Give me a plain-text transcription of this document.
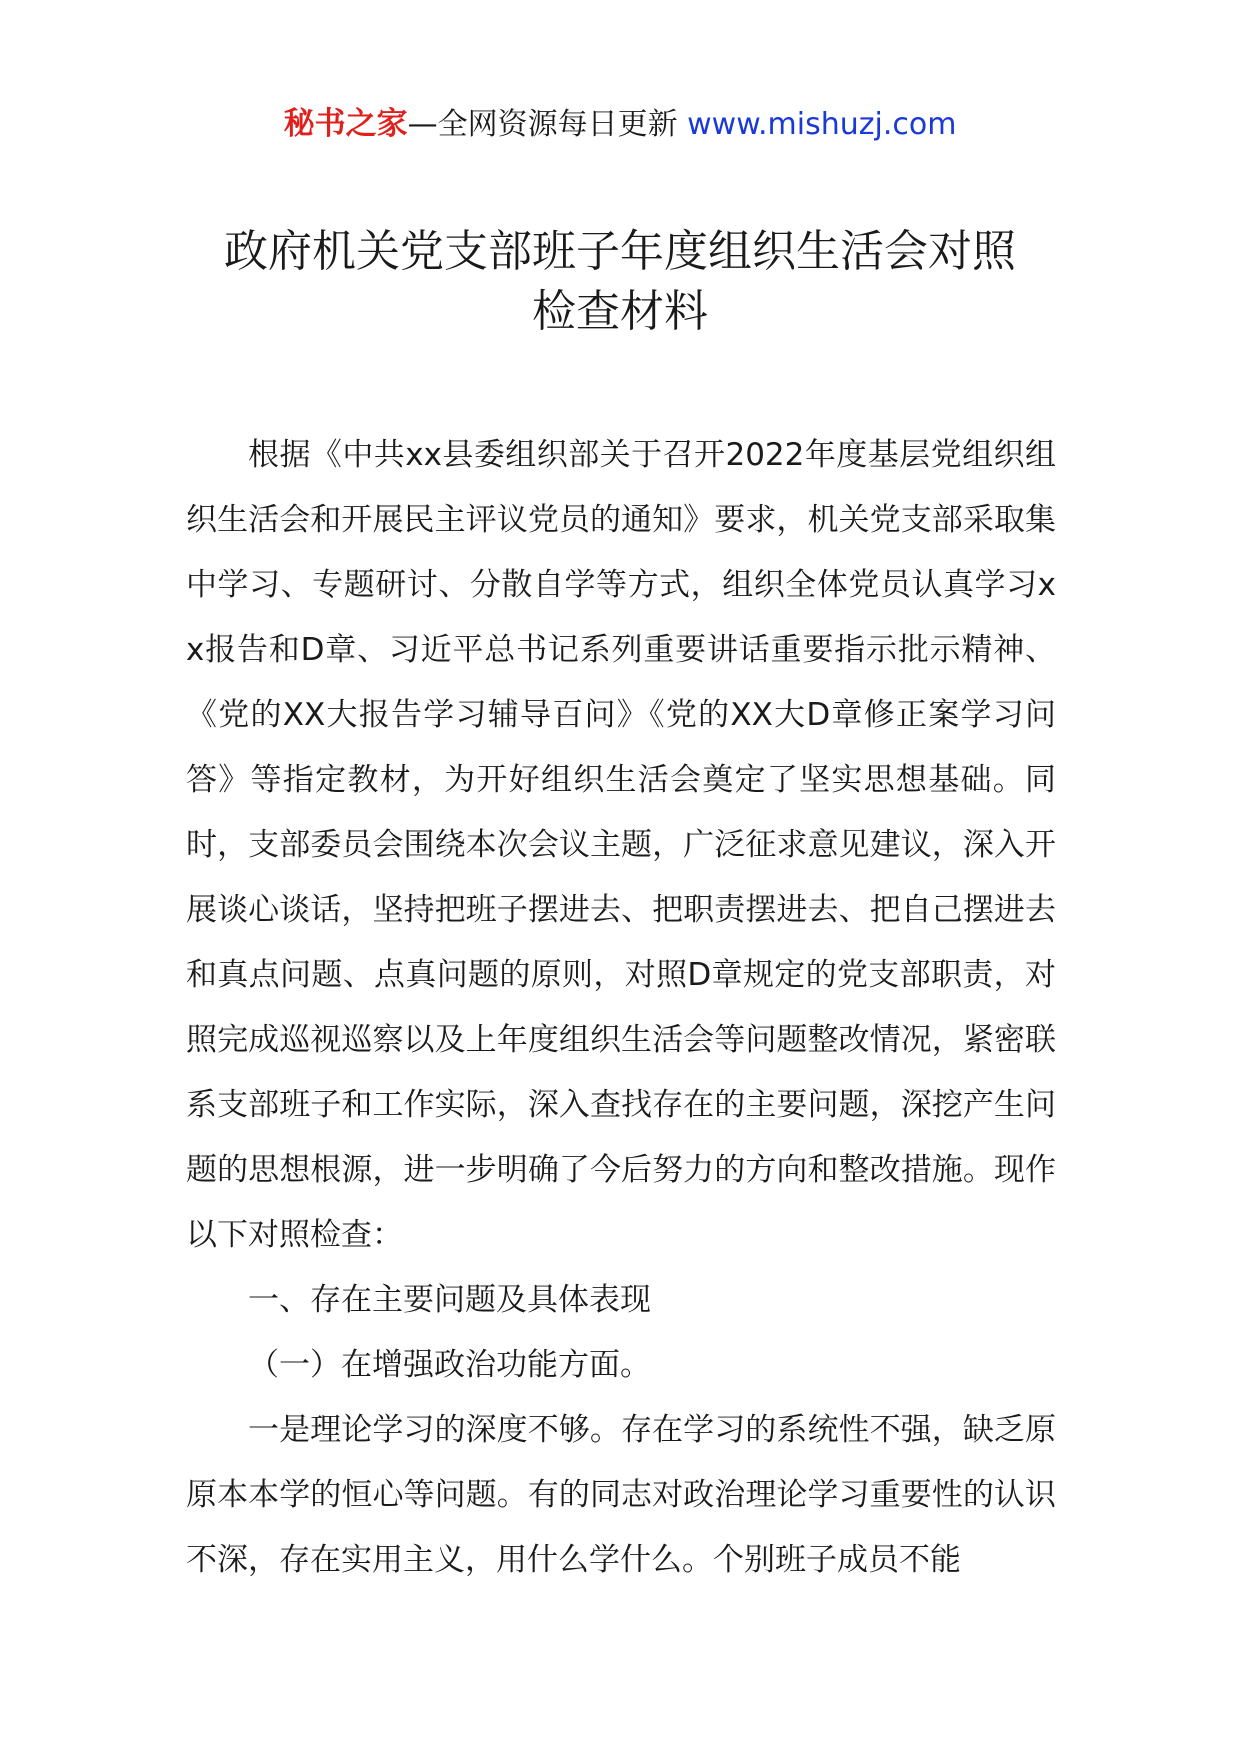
秘书之家—全网资源每日更新 www.mishuzj.com
政府机关党支部班子年度组织生活会对照
检查材料

根据《中共xx县委组织部关于召开2022年度基层党组织组织生活会和开展民主评议党员的通知》要求，机关党支部采取集中学习、专题研讨、分散自学等方式，组织全体党员认真学习xx报告和D章、习近平总书记系列重要讲话重要指示批示精神、《党的XX大报告学习辅导百问》《党的XX大D章修正案学习问答》等指定教材，为开好组织生活会奠定了坚实思想基础。同时，支部委员会围绕本次会议主题，广泛征求意见建议，深入开展谈心谈话，坚持把班子摆进去、把职责摆进去、把自己摆进去和真点问题、点真问题的原则，对照D章规定的党支部职责，对照完成巡视巡察以及上年度组织生活会等问题整改情况，紧密联系支部班子和工作实际，深入查找存在的主要问题，深挖产生问题的思想根源，进一步明确了今后努力的方向和整改措施。现作以下对照检查：

一、存在主要问题及具体表现

（一）在增强政治功能方面。

一是理论学习的深度不够。存在学习的系统性不强，缺乏原原本本学的恒心等问题。有的同志对政治理论学习重要性的认识不深，存在实用主义，用什么学什么。个别班子成员不能
